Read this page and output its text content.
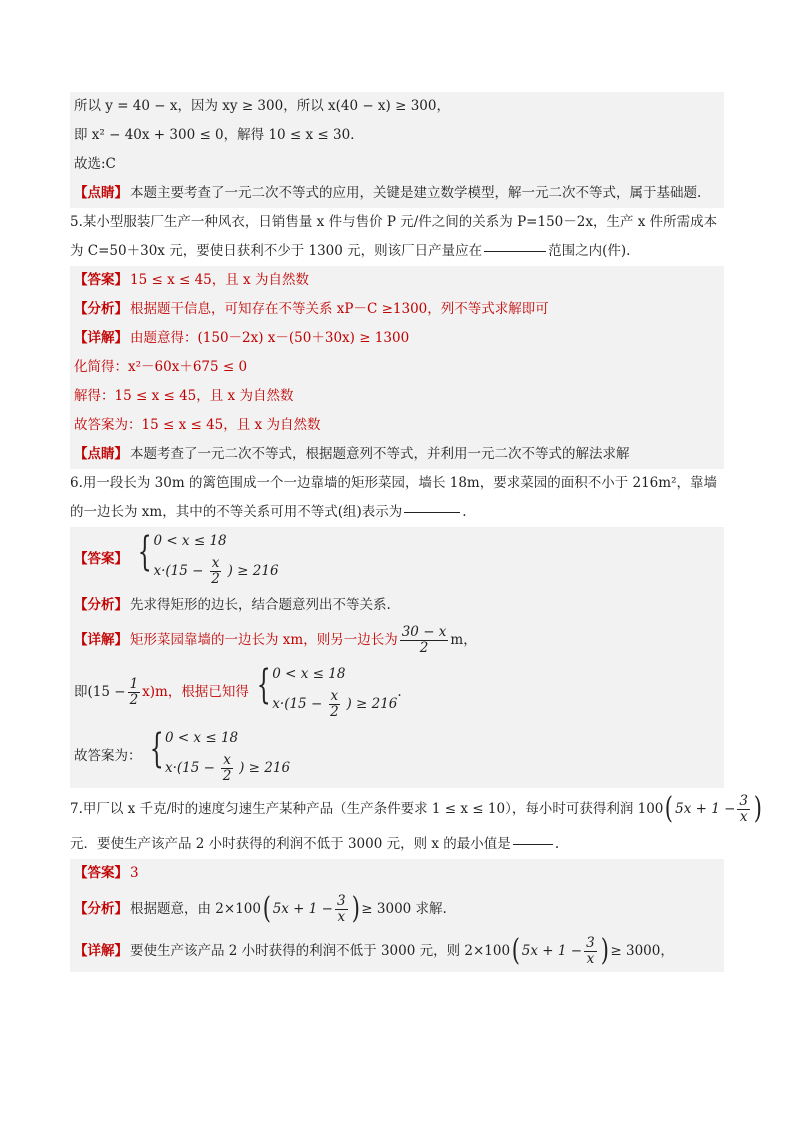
所以 y = 40 − x，因为 xy ≥ 300，所以 x(40 − x) ≥ 300，
即 x² − 40x + 300 ≤ 0，解得 10 ≤ x ≤ 30．
故选:C
【点睛】 本题主要考查了一元二次不等式的应用，关键是建立数学模型，解一元二次不等式，属于基础题.
5.某小型服装厂生产一种风衣，日销售量 x 件与售价 P 元/件之间的关系为 P=150－2x，生产 x 件所需成本
为 C=50＋30x 元，要使日获利不少于 1300 元，则该厂日产量应在	范围之内(件).
【答案】 15 ≤ x ≤ 45，且 x 为自然数
【分析】 根据题干信息，可知存在不等关系 xP－C ≥1300，列不等式求解即可
【详解】 由题意得：(150－2x) x－(50＋30x) ≥ 1300
化简得：x²－60x＋675 ≤ 0
解得：15 ≤ x ≤ 45，且 x 为自然数
故答案为：15 ≤ x ≤ 45，且 x 为自然数
【点睛】 本题考查了一元二次不等式，根据题意列不等式，并利用一元二次不等式的解法求解
6.用一段长为 30m 的篱笆围成一个一边靠墙的矩形菜园，墙长 18m，要求菜园的面积不小于 216m²，靠墙
的一边长为 xm，其中的不等关系可用不等式(组)表示为	.
【答案】 { 0 < x ≤ 18
$x\cdot(15 - \frac{x}{2}$ ) ≥ 216
【分析】 先求得矩形的边长，结合题意列出不等关系.
【详解】 矩形菜园靠墙的一边长为 xm，则另一边长为 $\frac{30 - x}{2}$ m，
即$(15 - \frac{1}{2} x)m$，根据已知得 { 0 < x ≤ 18
$x\cdot(15 - \frac{x}{2}$ ) ≥ 216
.
故答案为： { 0 < x ≤ 18
$x\cdot(15 - \frac{x}{2}$ ) ≥ 216
7.甲厂以 x 千克/时的速度匀速生产某种产品（生产条件要求 1 ≤ x ≤ 10），每小时可获得利润 100 ( $5x + 1 - \frac{3}{x}$ )
元．要使生产该产品 2 小时获得的利润不低于 3000 元，则 x 的最小值是	.
【答案】 3
【分析】 根据题意，由 2×100 ( $5x + 1 - \frac{3}{x}$ ) ≥ 3000 求解.
【详解】 要使生产该产品 2 小时获得的利润不低于 3000 元，则 2×100 ( $5x + 1 - \frac{3}{x}$ ) ≥ 3000，
